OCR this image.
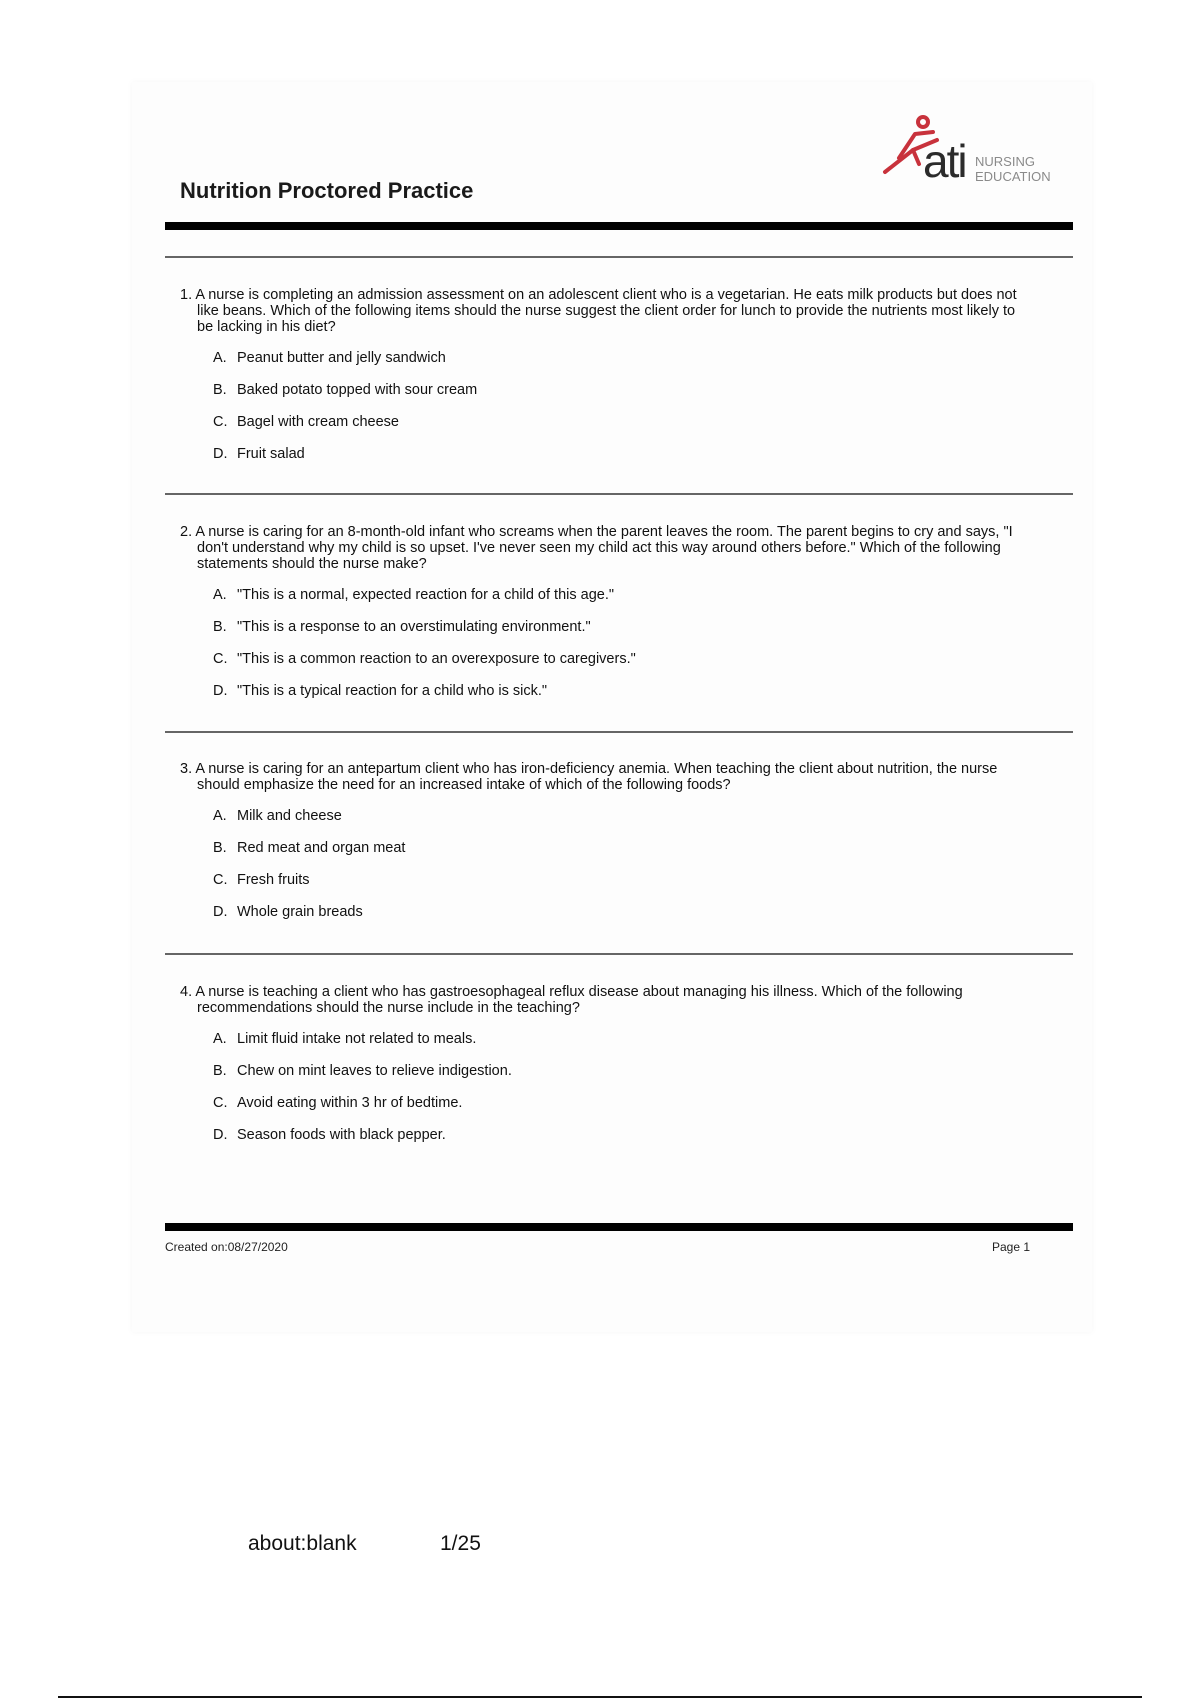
Nutrition Proctored Practice
ati NURSING
EDUCATION

1. A nurse is completing an admission assessment on an adolescent client who is a vegetarian. He eats milk products but does not like beans. Which of the following items should the nurse suggest the client order for lunch to provide the nutrients most likely to be lacking in his diet?

A. Peanut butter and jelly sandwich
B. Baked potato topped with sour cream
C. Bagel with cream cheese
D. Fruit salad

2. A nurse is caring for an 8-month-old infant who screams when the parent leaves the room. The parent begins to cry and says, "I don't understand why my child is so upset. I've never seen my child act this way around others before." Which of the following statements should the nurse make?

A. "This is a normal, expected reaction for a child of this age."
B. "This is a response to an overstimulating environment."
C. "This is a common reaction to an overexposure to caregivers."
D. "This is a typical reaction for a child who is sick."

3. A nurse is caring for an antepartum client who has iron-deficiency anemia. When teaching the client about nutrition, the nurse should emphasize the need for an increased intake of which of the following foods?

A. Milk and cheese
B. Red meat and organ meat
C. Fresh fruits
D. Whole grain breads

4. A nurse is teaching a client who has gastroesophageal reflux disease about managing his illness. Which of the following recommendations should the nurse include in the teaching?

A. Limit fluid intake not related to meals.
B. Chew on mint leaves to relieve indigestion.
C. Avoid eating within 3 hr of bedtime.
D. Season foods with black pepper.
Created on:08/27/2020	Page 1
about:blank	1/25
